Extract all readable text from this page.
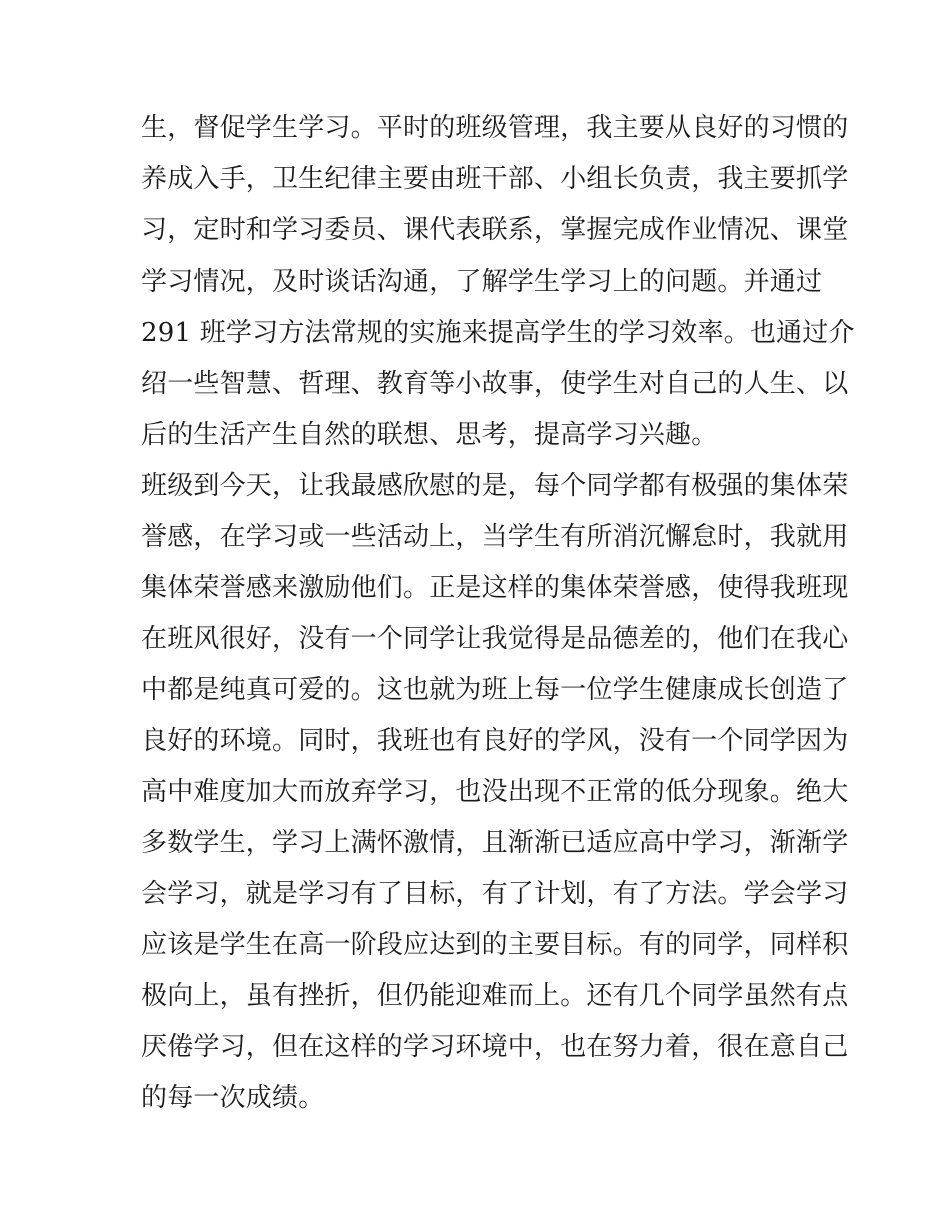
生，督促学生学习。平时的班级管理，我主要从良好的习惯的
养成入手，卫生纪律主要由班干部、小组长负责，我主要抓学
习，定时和学习委员、课代表联系，掌握完成作业情况、课堂
学习情况，及时谈话沟通，了解学生学习上的问题。并通过
291 班学习方法常规的实施来提高学生的学习效率。也通过介
绍一些智慧、哲理、教育等小故事，使学生对自己的人生、以
后的生活产生自然的联想、思考，提高学习兴趣。
班级到今天，让我最感欣慰的是，每个同学都有极强的集体荣
誉感，在学习或一些活动上，当学生有所消沉懈怠时，我就用
集体荣誉感来激励他们。正是这样的集体荣誉感，使得我班现
在班风很好，没有一个同学让我觉得是品德差的，他们在我心
中都是纯真可爱的。这也就为班上每一位学生健康成长创造了
良好的环境。同时，我班也有良好的学风，没有一个同学因为
高中难度加大而放弃学习，也没出现不正常的低分现象。绝大
多数学生，学习上满怀激情，且渐渐已适应高中学习，渐渐学
会学习，就是学习有了目标，有了计划，有了方法。学会学习
应该是学生在高一阶段应达到的主要目标。有的同学，同样积
极向上，虽有挫折，但仍能迎难而上。还有几个同学虽然有点
厌倦学习，但在这样的学习环境中，也在努力着，很在意自己
的每一次成绩。
